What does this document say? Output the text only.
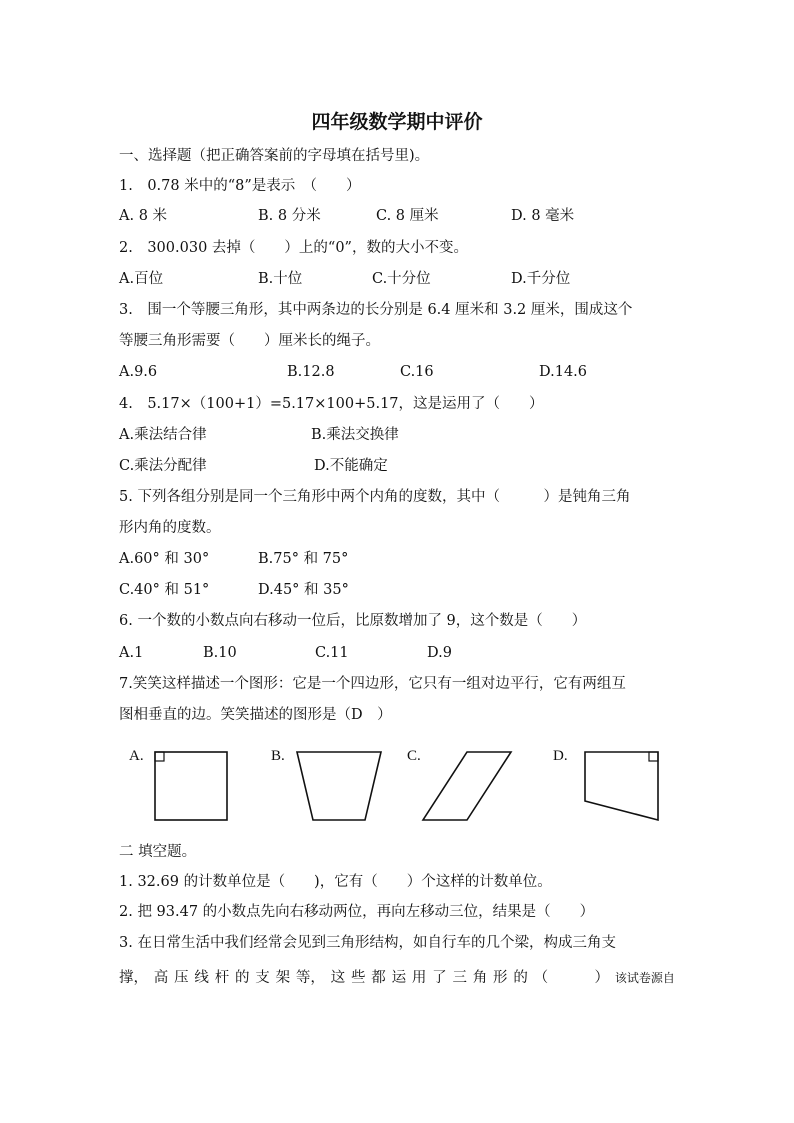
四年级数学期中评价
一、选择题（把正确答案前的字母填在括号里)。
1.　0.78 米中的“8”是表示　（　　）
A. 8 米	B. 8 分米	C. 8 厘米	D. 8 毫米
2.　300.030 去掉（　　）上的“0”，数的大小不变。
A.百位	B.十位	C.十分位	D.千分位
3.　围一个等腰三角形，其中两条边的长分别是 6.4 厘米和 3.2 厘米，围成这个
等腰三角形需要（　　）厘米长的绳子。
A.9.6	B.12.8	C.16	D.14.6
4.　5.17×（100+1）=5.17×100+5.17，这是运用了（　　）
A.乘法结合律	B.乘法交换律
C.乘法分配律	D.不能确定
5. 下列各组分别是同一个三角形中两个内角的度数，其中（　　　）是钝角三角
形内角的度数。
A.60° 和 30°	B.75° 和 75°
C.40° 和 51°	D.45° 和 35°
6. 一个数的小数点向右移动一位后，比原数增加了 9，这个数是（　　）
A.1	B.10	C.11	D.9
7.笑笑这样描述一个图形：它是一个四边形，它只有一组对边平行，它有两组互
图相垂直的边。笑笑描述的图形是（D　）
A.	B.	C.	D.
二 填空题。
1. 32.69 的计数单位是（　　)，它有（　　）个这样的计数单位。
2. 把 93.47 的小数点先向右移动两位，再向左移动三位，结果是（　　）
3. 在日常生活中我们经常会见到三角形结构，如自行车的几个梁，构成三角支
撑， 高 压 线 杆 的 支 架 等， 这 些 都 运 用 了 三 角 形 的 （

　	） 该试卷源自
